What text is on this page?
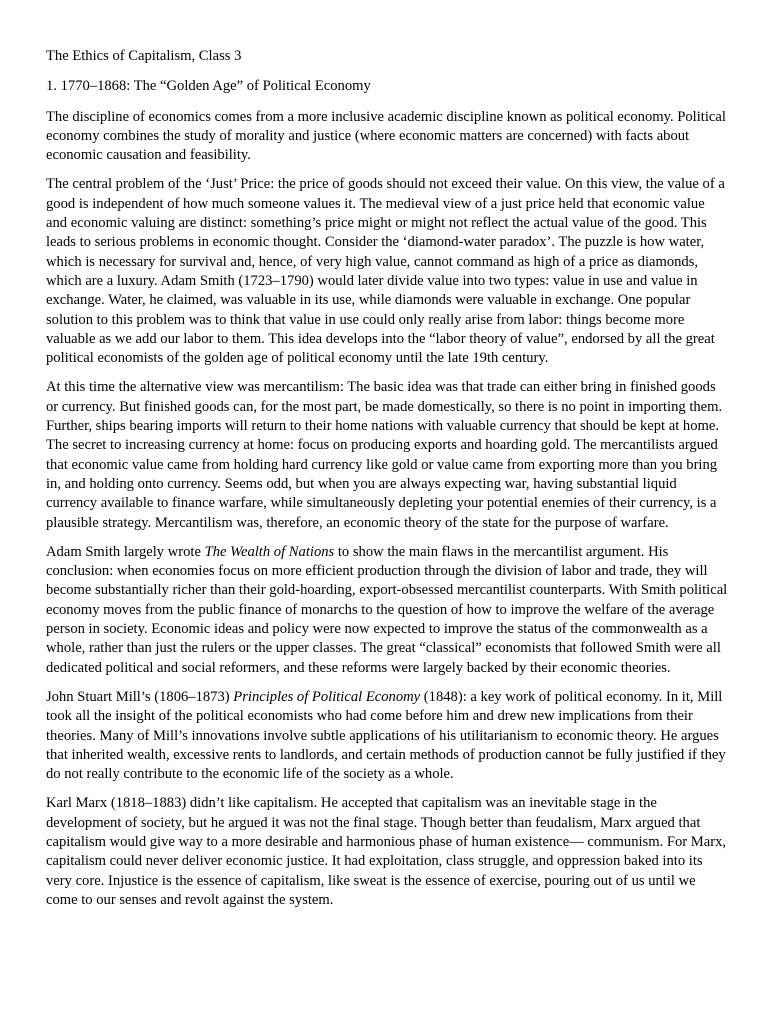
The Ethics of Capitalism, Class 3
1. 1770–1868: The “Golden Age” of Political Economy

The discipline of economics comes from a more inclusive academic discipline known as political economy. Political economy combines the study of morality and justice (where economic matters are concerned) with facts about economic causation and feasibility.

The central problem of the ‘Just’ Price: the price of goods should not exceed their value. On this view, the value of a good is independent of how much someone values it. The medieval view of a just price held that economic value and economic valuing are distinct: something’s price might or might not reflect the actual value of the good. This leads to serious problems in economic thought. Consider the ‘diamond-water paradox’. The puzzle is how water, which is necessary for survival and, hence, of very high value, cannot command as high of a price as diamonds, which are a luxury. Adam Smith (1723–1790) would later divide value into two types: value in use and value in exchange. Water, he claimed, was valuable in its use, while diamonds were valuable in exchange. One popular solution to this problem was to think that value in use could only really arise from labor: things become more valuable as we add our labor to them. This idea develops into the “labor theory of value”, endorsed by all the great political economists of the golden age of political economy until the late 19th century.

At this time the alternative view was mercantilism: The basic idea was that trade can either bring in finished goods or currency. But finished goods can, for the most part, be made domestically, so there is no point in importing them. Further, ships bearing imports will return to their home nations with valuable currency that should be kept at home. The secret to increasing currency at home: focus on producing exports and hoarding gold. The mercantilists argued that economic value came from holding hard currency like gold or value came from exporting more than you bring in, and holding onto currency. Seems odd, but when you are always expecting war, having substantial liquid currency available to finance warfare, while simultaneously depleting your potential enemies of their currency, is a plausible strategy. Mercantilism was, therefore, an economic theory of the state for the purpose of warfare.

Adam Smith largely wrote The Wealth of Nations to show the main flaws in the mercantilist argument. His conclusion: when economies focus on more efficient production through the division of labor and trade, they will become substantially richer than their gold-hoarding, export-obsessed mercantilist counterparts. With Smith political economy moves from the public finance of monarchs to the question of how to improve the welfare of the average person in society. Economic ideas and policy were now expected to improve the status of the commonwealth as a whole, rather than just the rulers or the upper classes. The great “classical” economists that followed Smith were all dedicated political and social reformers, and these reforms were largely backed by their economic theories.

John Stuart Mill’s (1806–1873) Principles of Political Economy (1848): a key work of political economy. In it, Mill took all the insight of the political economists who had come before him and drew new implications from their theories. Many of Mill’s innovations involve subtle applications of his utilitarianism to economic theory. He argues that inherited wealth, excessive rents to landlords, and certain methods of production cannot be fully justified if they do not really contribute to the economic life of the society as a whole.

Karl Marx (1818–1883) didn’t like capitalism. He accepted that capitalism was an inevitable stage in the development of society, but he argued it was not the final stage. Though better than feudalism, Marx argued that capitalism would give way to a more desirable and harmonious phase of human existence— communism. For Marx, capitalism could never deliver economic justice. It had exploitation, class struggle, and oppression baked into its very core. Injustice is the essence of capitalism, like sweat is the essence of exercise, pouring out of us until we come to our senses and revolt against the system.
